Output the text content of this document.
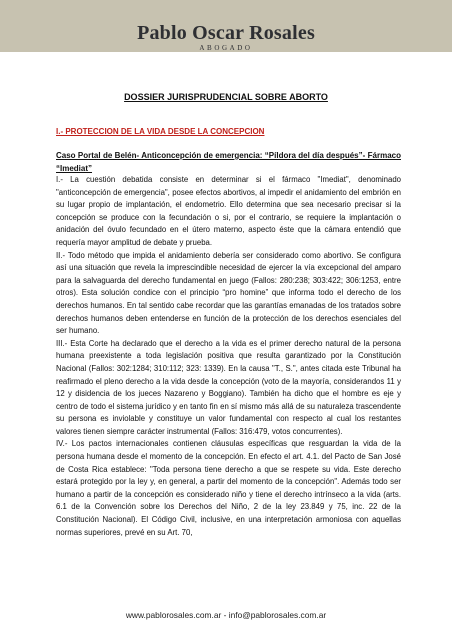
Pablo Oscar Rosales
ABOGADO
DOSSIER JURISPRUDENCIAL SOBRE ABORTO
I.- PROTECCION DE LA VIDA DESDE LA CONCEPCION
Caso Portal de Belén- Anticoncepción de emergencia: “Píldora del día después”- Fármaco “Imediat”

I.- La cuestión debatida consiste en determinar si el fármaco "Imediat", denominado "anticoncepción de emergencia", posee efectos abortivos, al impedir el anidamiento del embrión en su lugar propio de implantación, el endometrio. Ello determina que sea necesario precisar si la concepción se produce con la fecundación o si, por el contrario, se requiere la implantación o anidación del óvulo fecundado en el útero materno, aspecto éste que la cámara entendió que requería mayor amplitud de debate y prueba.

II.- Todo método que impida el anidamiento debería ser considerado como abortivo. Se configura así una situación que revela la imprescindible necesidad de ejercer la vía excepcional del amparo para la salvaguarda del derecho fundamental en juego (Fallos: 280:238; 303:422; 306:1253, entre otros). Esta solución condice con el principio “pro homine” que informa todo el derecho de los derechos humanos. En tal sentido cabe recordar que las garantías emanadas de los tratados sobre derechos humanos deben entenderse en función de la protección de los derechos esenciales del ser humano.

III.- Esta Corte ha declarado que el derecho a la vida es el primer derecho natural de la persona humana preexistente a toda legislación positiva que resulta garantizado por la Constitución Nacional (Fallos: 302:1284; 310:112; 323: 1339). En la causa "T., S.", antes citada este Tribunal ha reafirmado el pleno derecho a la vida desde la concepción (voto de la mayoría, considerandos 11 y 12 y disidencia de los jueces Nazareno y Boggiano). También ha dicho que el hombre es eje y centro de todo el sistema jurídico y en tanto fin en sí mismo más allá de su naturaleza trascendente su persona es inviolable y constituye un valor fundamental con respecto al cual los restantes valores tienen siempre carácter instrumental (Fallos: 316:479, votos concurrentes).

IV.- Los pactos internacionales contienen cláusulas específicas que resguardan la vida de la persona humana desde el momento de la concepción. En efecto el art. 4.1. del Pacto de San José de Costa Rica establece: "Toda persona tiene derecho a que se respete su vida. Este derecho estará protegido por la ley y, en general, a partir del momento de la concepción". Además todo ser humano a partir de la concepción es considerado niño y tiene el derecho intrínseco a la vida (arts. 6.1 de la Convención sobre los Derechos del Niño, 2 de la ley 23.849 y 75, inc. 22 de la Constitución Nacional). El Código Civil, inclusive, en una interpretación armoniosa con aquellas normas superiores, prevé en su Art. 70,

www.pablorosales.com.ar - info@pablorosales.com.ar
